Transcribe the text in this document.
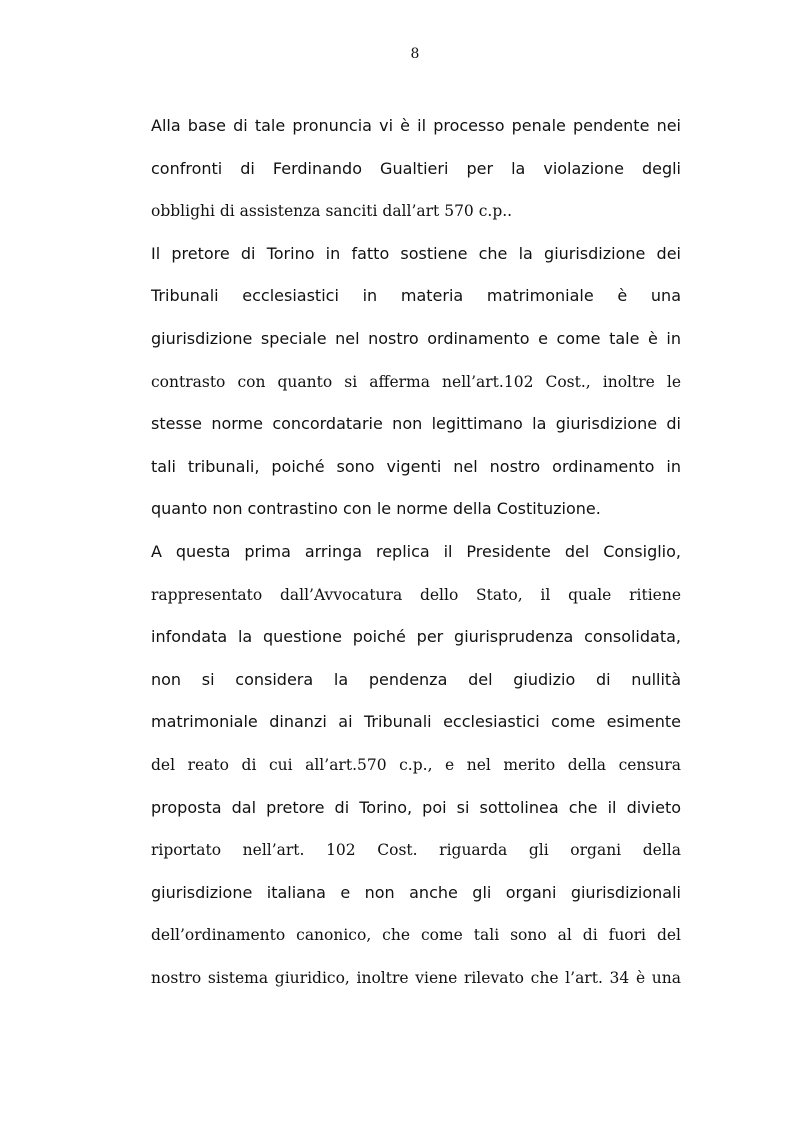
8
Alla base di tale pronuncia vi è il processo penale pendente nei
confronti di Ferdinando Gualtieri per la violazione degli
obblighi di assistenza sanciti dall’art 570 c.p..
Il pretore di Torino in fatto sostiene che la giurisdizione dei
Tribunali ecclesiastici in materia matrimoniale è una
giurisdizione speciale nel nostro ordinamento e come tale è in
contrasto con quanto si afferma nell’art.102 Cost., inoltre le
stesse norme concordatarie non legittimano la giurisdizione di
tali tribunali, poiché sono vigenti nel nostro ordinamento in
quanto non contrastino con le norme della Costituzione.
A questa prima arringa replica il Presidente del Consiglio,
rappresentato dall’Avvocatura dello Stato, il quale ritiene
infondata la questione poiché per giurisprudenza consolidata,
non si considera la pendenza del giudizio di nullità
matrimoniale dinanzi ai Tribunali ecclesiastici come esimente
del reato di cui all’art.570 c.p., e nel merito della censura
proposta dal pretore di Torino, poi si sottolinea che il divieto
riportato nell’art. 102 Cost. riguarda gli organi della
giurisdizione italiana e non anche gli organi giurisdizionali
dell’ordinamento canonico, che come tali sono al di fuori del
nostro sistema giuridico, inoltre viene rilevato che l’art. 34 è una
